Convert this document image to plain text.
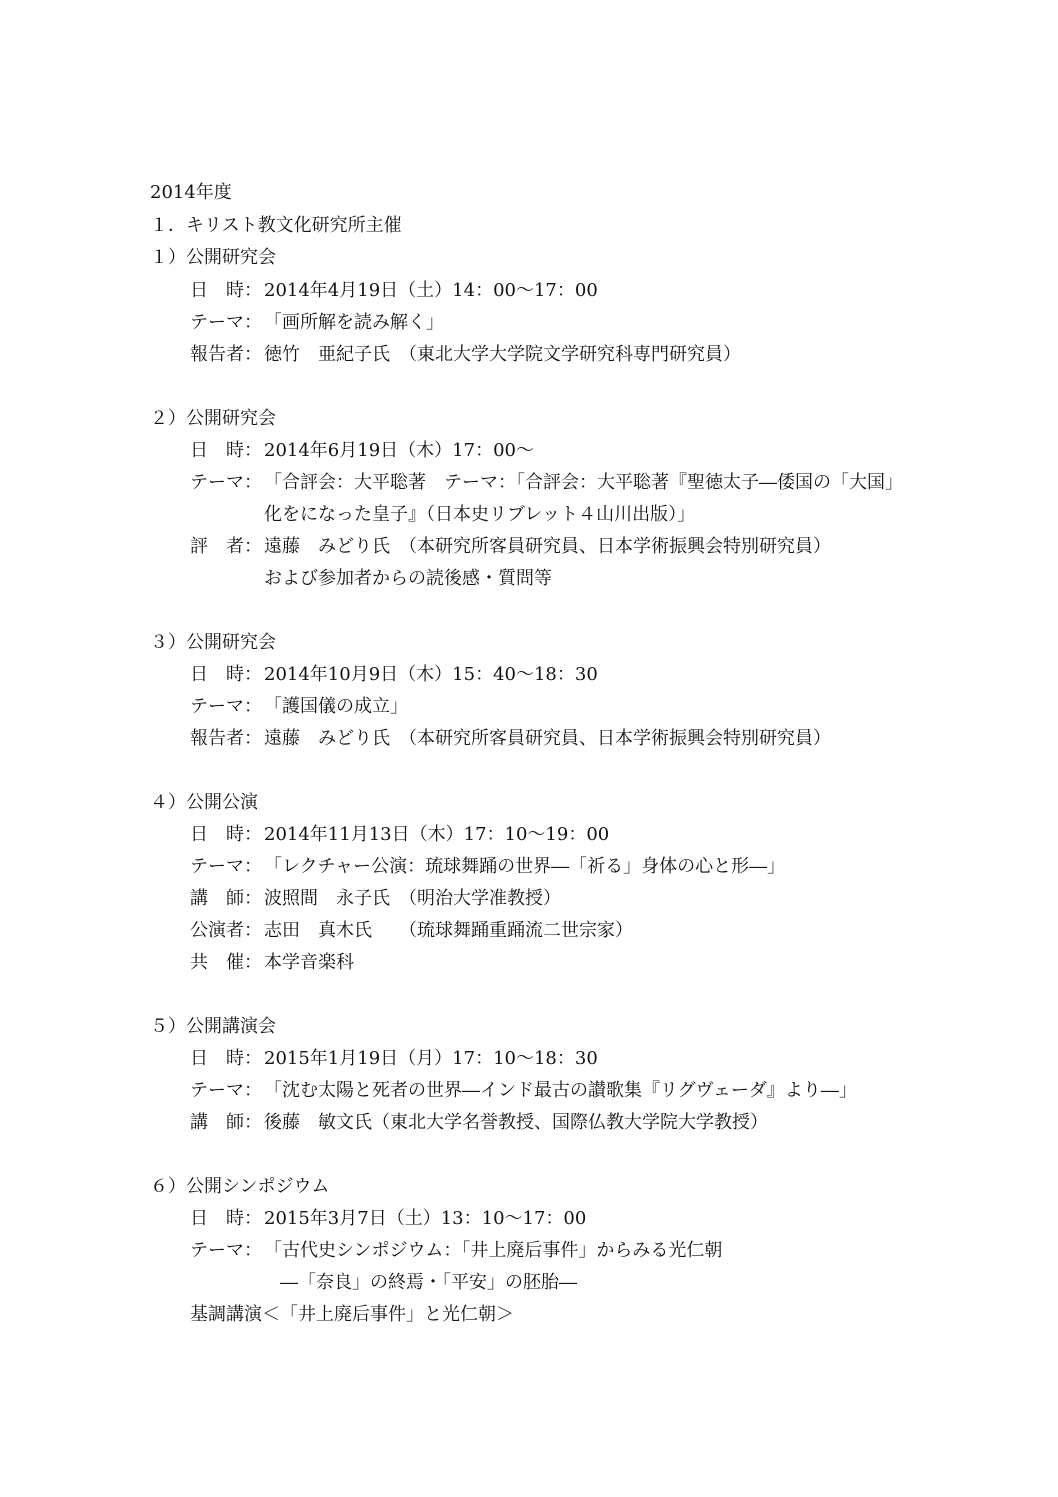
2014年度
１．キリスト教文化研究所主催
１）公開研究会
日　時： 2014年4月19日（土）14：00～17：00
テーマ： 「画所解を読み解く」
報告者： 徳竹　亜紀子氏　（東北大学大学院文学研究科専門研究員）
２）公開研究会
日　時： 2014年6月19日（木）17：00～
テーマ： 「合評会：大平聡著　テーマ：「合評会：大平聡著『聖徳太子―倭国の「大国」
化をになった皇子』（日本史リブレット４山川出版）」
評　者： 遠藤　みどり氏　（本研究所客員研究員、日本学術振興会特別研究員）
および参加者からの読後感・質問等
３）公開研究会
日　時： 2014年10月9日（木）15：40～18：30
テーマ： 「護国儀の成立」
報告者： 遠藤　みどり氏　（本研究所客員研究員、日本学術振興会特別研究員）
４）公開公演
日　時： 2014年11月13日（木）17：10～19：00
テーマ： 「レクチャー公演：琉球舞踊の世界―「祈る」身体の心と形―」
講　師： 波照間　永子氏　（明治大学准教授）
公演者： 志田　真木氏　　（琉球舞踊重踊流二世宗家）
共　催： 本学音楽科
５）公開講演会
日　時： 2015年1月19日（月）17：10～18：30
テーマ： 「沈む太陽と死者の世界―インド最古の讃歌集『リグヴェーダ』より―」
講　師： 後藤　敏文氏（東北大学名誉教授、国際仏教大学院大学教授）
６）公開シンポジウム
日　時： 2015年3月7日（土）13：10～17：00
テーマ： 「古代史シンポジウム：「井上廃后事件」からみる光仁朝
―「奈良」の終焉・「平安」の胚胎―
基調講演＜「井上廃后事件」と光仁朝＞
